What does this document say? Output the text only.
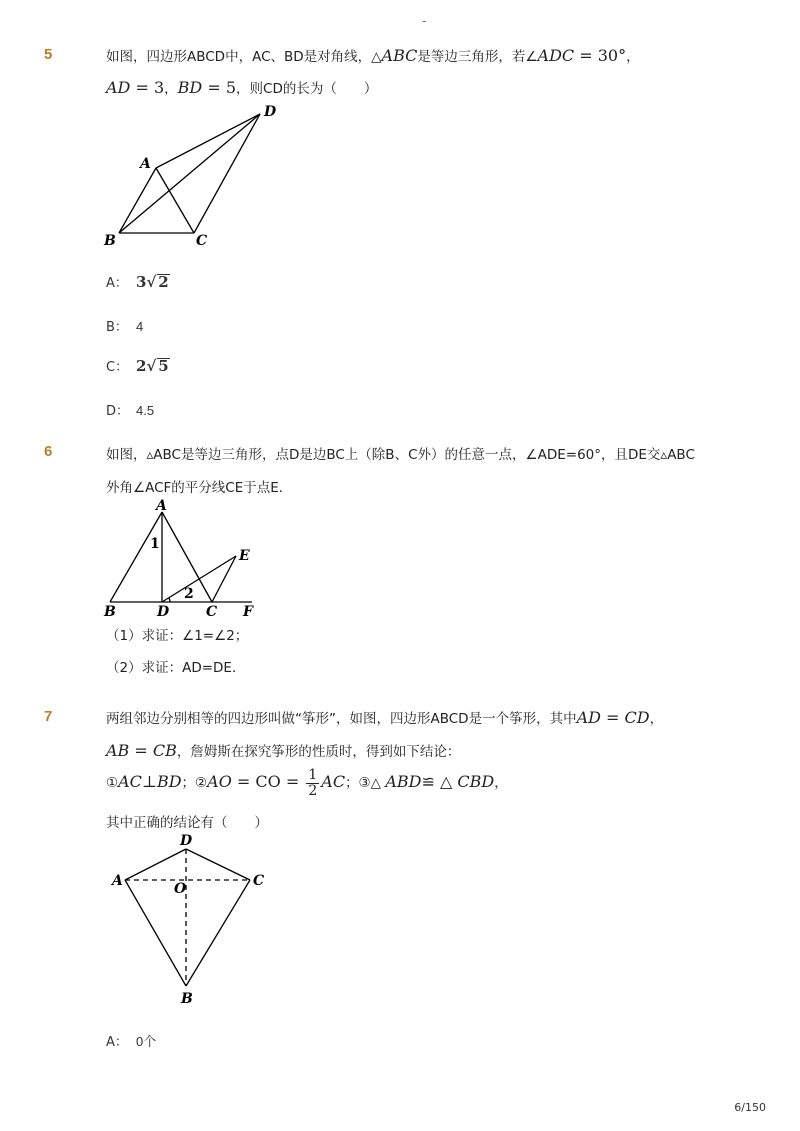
-
5	如图，四边形ABCD中，AC、BD是对角线，△ABC是等边三角形，若∠ADC = 30°，
AD = 3，BD = 5，则CD的长为（　　）
A
B	C
D
A： 3√ 2
B： 4
C： 2√ 5
D： 4.5
6	如图，▵ABC是等边三角形，点D是边BC上（除B、C外）的任意一点，∠ADE=60°，且DE交▵ABC
外角∠ACF的平分线CE于点E．
A
B	D	C F
E
1
2
（1）求证：∠1=∠2；
（2）求证：AD=DE．
7	两组邻边分别相等的四边形叫做“筝形”，如图，四边形ABCD是一个筝形，其中AD = CD，
AB = CB，詹姆斯在探究筝形的性质时，得到如下结论：
①AC⊥BD；②AO = CO = $\frac{1}{2}$ AC；③△ ABD≌ △ CBD，
其中正确的结论有（　　）
D
A	C
O
B
A： 0个
6/150
